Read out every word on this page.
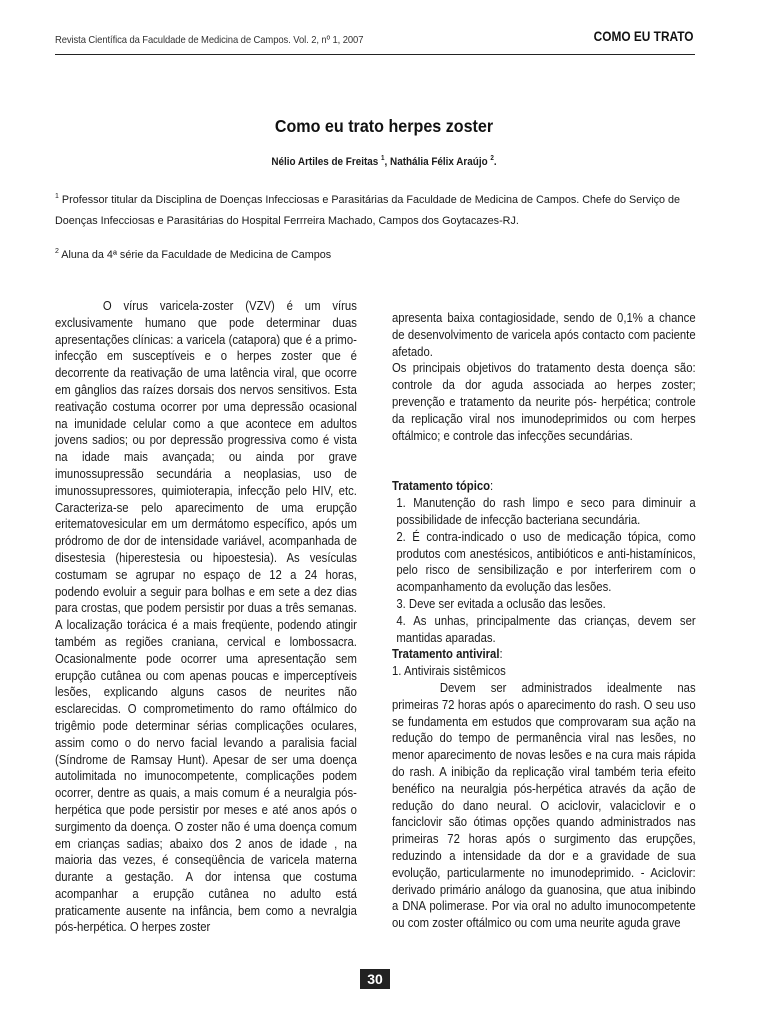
Revista Científica da Faculdade de Medicina de Campos. Vol. 2, nº 1, 2007	COMO EU TRATO
Como eu trato herpes zoster
Nélio Artiles de Freitas $^1$, Nathália Félix Araújo $^2$.
$^1$ Professor titular da Disciplina de Doenças Infecciosas e Parasitárias da Faculdade de Medicina de Campos. Chefe do Serviço de Doenças Infecciosas e Parasitárias do Hospital Ferrreira Machado, Campos dos Goytacazes-RJ.
$^2$ Aluna da 4ª série da Faculdade de Medicina de Campos

O vírus varicela-zoster (VZV) é um vírus exclusivamente humano que pode determinar duas apresentações clínicas: a varicela (catapora) que é a primo-infecção em susceptíveis e o herpes zoster que é decorrente da reativação de uma latência viral, que ocorre em gânglios das raízes dorsais dos nervos sensitivos. Esta reativação costuma ocorrer por uma depressão ocasional na imunidade celular como a que acontece em adultos jovens sadios; ou por depressão progressiva como é vista na idade mais avançada; ou ainda por grave imunossupressão secundária a neoplasias, uso de imunossupressores, quimioterapia, infecção pelo HIV, etc. Caracteriza-se pelo aparecimento de uma erupção eritematovesicular em um dermátomo específico, após um pródromo de dor de intensidade variável, acompanhada de disestesia (hiperestesia ou hipoestesia). As vesículas costumam se agrupar no espaço de 12 a 24 horas, podendo evoluir a seguir para bolhas e em sete a dez dias para crostas, que podem persistir por duas a três semanas. A localização torácica é a mais freqüente, podendo atingir também as regiões craniana, cervical e lombossacra. Ocasionalmente pode ocorrer uma apresentação sem erupção cutânea ou com apenas poucas e imperceptíveis lesões, explicando alguns casos de neurites não esclarecidas. O comprometimento do ramo oftálmico do trigêmio pode determinar sérias complicações oculares, assim como o do nervo facial levando a paralisia facial (Síndrome de Ramsay Hunt). Apesar de ser uma doença autolimitada no imunocompetente, complicações podem ocorrer, dentre as quais, a mais comum é a neuralgia pós-herpética que pode persistir por meses e até anos após o surgimento da doença. O zoster não é uma doença comum em crianças sadias; abaixo dos 2 anos de idade , na maioria das vezes, é conseqüência de varicela materna durante a gestação. A dor intensa que costuma acompanhar a erupção cutânea no adulto está praticamente ausente na infância, bem como a nevralgia pós-herpética. O herpes zoster

apresenta baixa contagiosidade, sendo de 0,1% a chance de desenvolvimento de varicela após contacto com paciente afetado.

Os principais objetivos do tratamento desta doença são: controle da dor aguda associada ao herpes zoster; prevenção e tratamento da neurite pós- herpética; controle da replicação viral nos imunodeprimidos ou com herpes oftálmico; e controle das infecções secundárias.

Tratamento tópico:

1. Manutenção do rash limpo e seco para diminuir a possibilidade de infecção bacteriana secundária.

2. É contra-indicado o uso de medicação tópica, como produtos com anestésicos, antibióticos e anti-histamínicos, pelo risco de sensibilização e por interferirem com o acompanhamento da evolução das lesões.

3. Deve ser evitada a oclusão das lesões.

4. As unhas, principalmente das crianças, devem ser mantidas aparadas.

Tratamento antiviral:

1. Antivirais sistêmicos

Devem ser administrados idealmente nas primeiras 72 horas após o aparecimento do rash. O seu uso se fundamenta em estudos que comprovaram sua ação na redução do tempo de permanência viral nas lesões, no menor aparecimento de novas lesões e na cura mais rápida do rash. A inibição da replicação viral também teria efeito benéfico na neuralgia pós-herpética através da ação de redução do dano neural. O aciclovir, valaciclovir e o fanciclovir são ótimas opções quando administrados nas primeiras 72 horas após o surgimento das erupções, reduzindo a intensidade da dor e a gravidade de sua evolução, particularmente no imunodeprimido. - Aciclovir: derivado primário análogo da guanosina, que atua inibindo a DNA polimerase. Por via oral no adulto imunocompetente ou com zoster oftálmico ou com uma neurite aguda grave

30
